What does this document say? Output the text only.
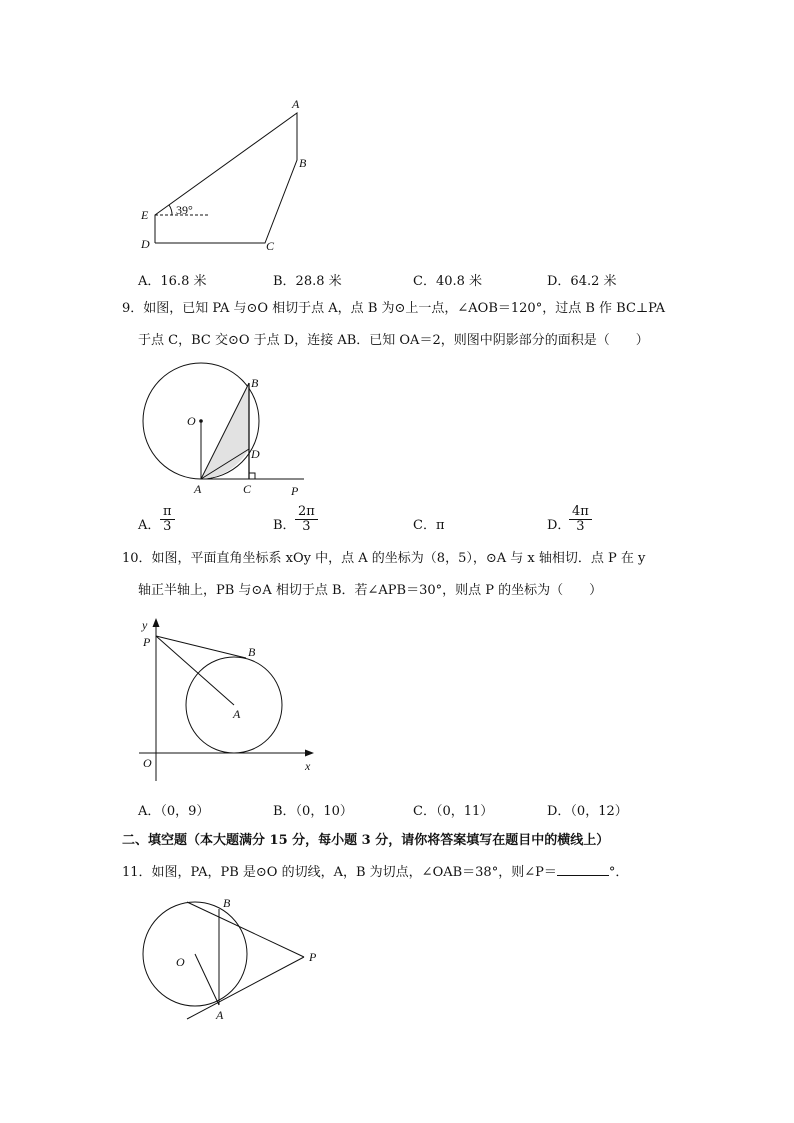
A
B
E
D	C
39°
A．16.8 米	B．28.8 米	C．40.8 米	D．64.2 米
9．如图，已知 PA 与⊙O 相切于点 A，点 B 为⊙上一点，∠AOB＝120°，过点 B 作 BC⊥PA
于点 C，BC 交⊙O 于点 D，连接 AB．已知 OA＝2，则图中阴影部分的面积是（　　）
O
B
D
A	C	P
A． $\frac{\pi}{3}$	B． $\frac{2\pi}{3}$	C．π	D．
$\frac{4\pi}{3}$
10．如图，平面直角坐标系 xOy 中，点 A 的坐标为（8，5），⊙A 与 x 轴相切．点 P 在 y
轴正半轴上，PB 与⊙A 相切于点 B．若∠APB＝30°，则点 P 的坐标为（　　）
y
P
B
A
O	x
A．（0，9）	B．（0，10）	C．（0，11）	D．（0，12）
二、填空题（本大题满分 15 分，每小题 3 分，请你将答案填写在题目中的横线上）
11．如图，PA，PB 是⊙O 的切线，A，B 为切点，∠OAB＝38°，则∠P＝	°．
B
O	P
A
